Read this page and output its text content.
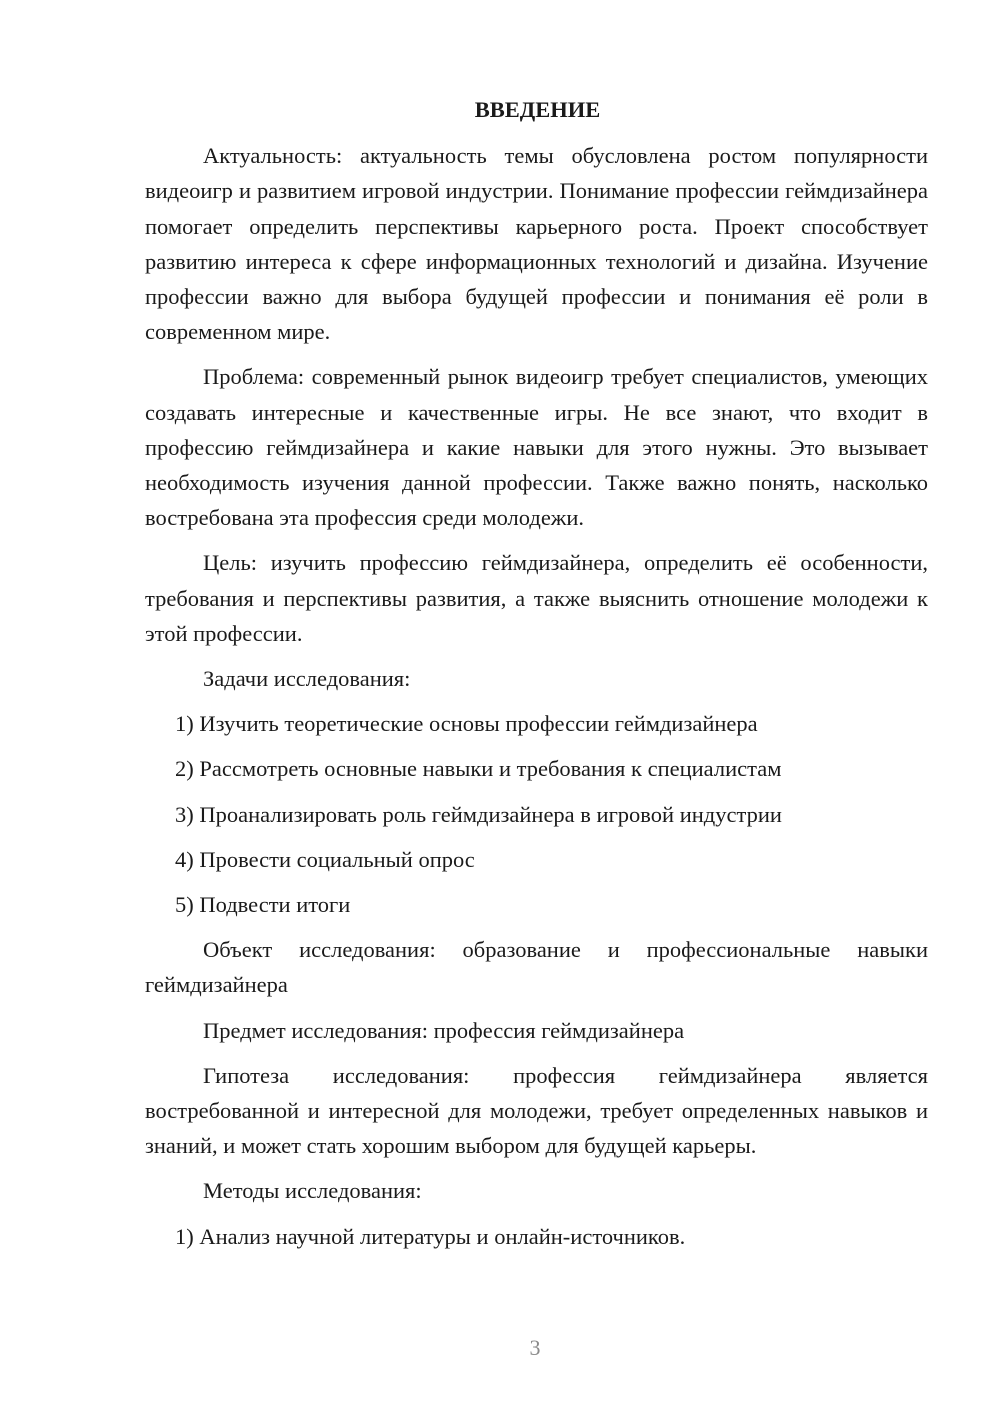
ВВЕДЕНИЕ
Актуальность: актуальность темы обусловлена ростом популярности видеоигр и развитием игровой индустрии. Понимание профессии геймдизайнера помогает определить перспективы карьерного роста. Проект способствует развитию интереса к сфере информационных технологий и дизайна. Изучение профессии важно для выбора будущей профессии и понимания её роли в современном мире.
Проблема: современный рынок видеоигр требует специалистов, умеющих создавать интересные и качественные игры. Не все знают, что входит в профессию геймдизайнера и какие навыки для этого нужны. Это вызывает необходимость изучения данной профессии. Также важно понять, насколько востребована эта профессия среди молодежи.
Цель: изучить профессию геймдизайнера, определить её особенности, требования и перспективы развития, а также выяснить отношение молодежи к этой профессии.
Задачи исследования:
1) Изучить теоретические основы профессии геймдизайнера
2) Рассмотреть основные навыки и требования к специалистам
3) Проанализировать роль геймдизайнера в игровой индустрии
4) Провести социальный опрос
5) Подвести итоги
Объект исследования: образование и профессиональные навыки геймдизайнера
Предмет исследования: профессия геймдизайнера
Гипотеза исследования: профессия геймдизайнера является востребованной и интересной для молодежи, требует определенных навыков и знаний, и может стать хорошим выбором для будущей карьеры.
Методы исследования:
1) Анализ научной литературы и онлайн-источников.
3
